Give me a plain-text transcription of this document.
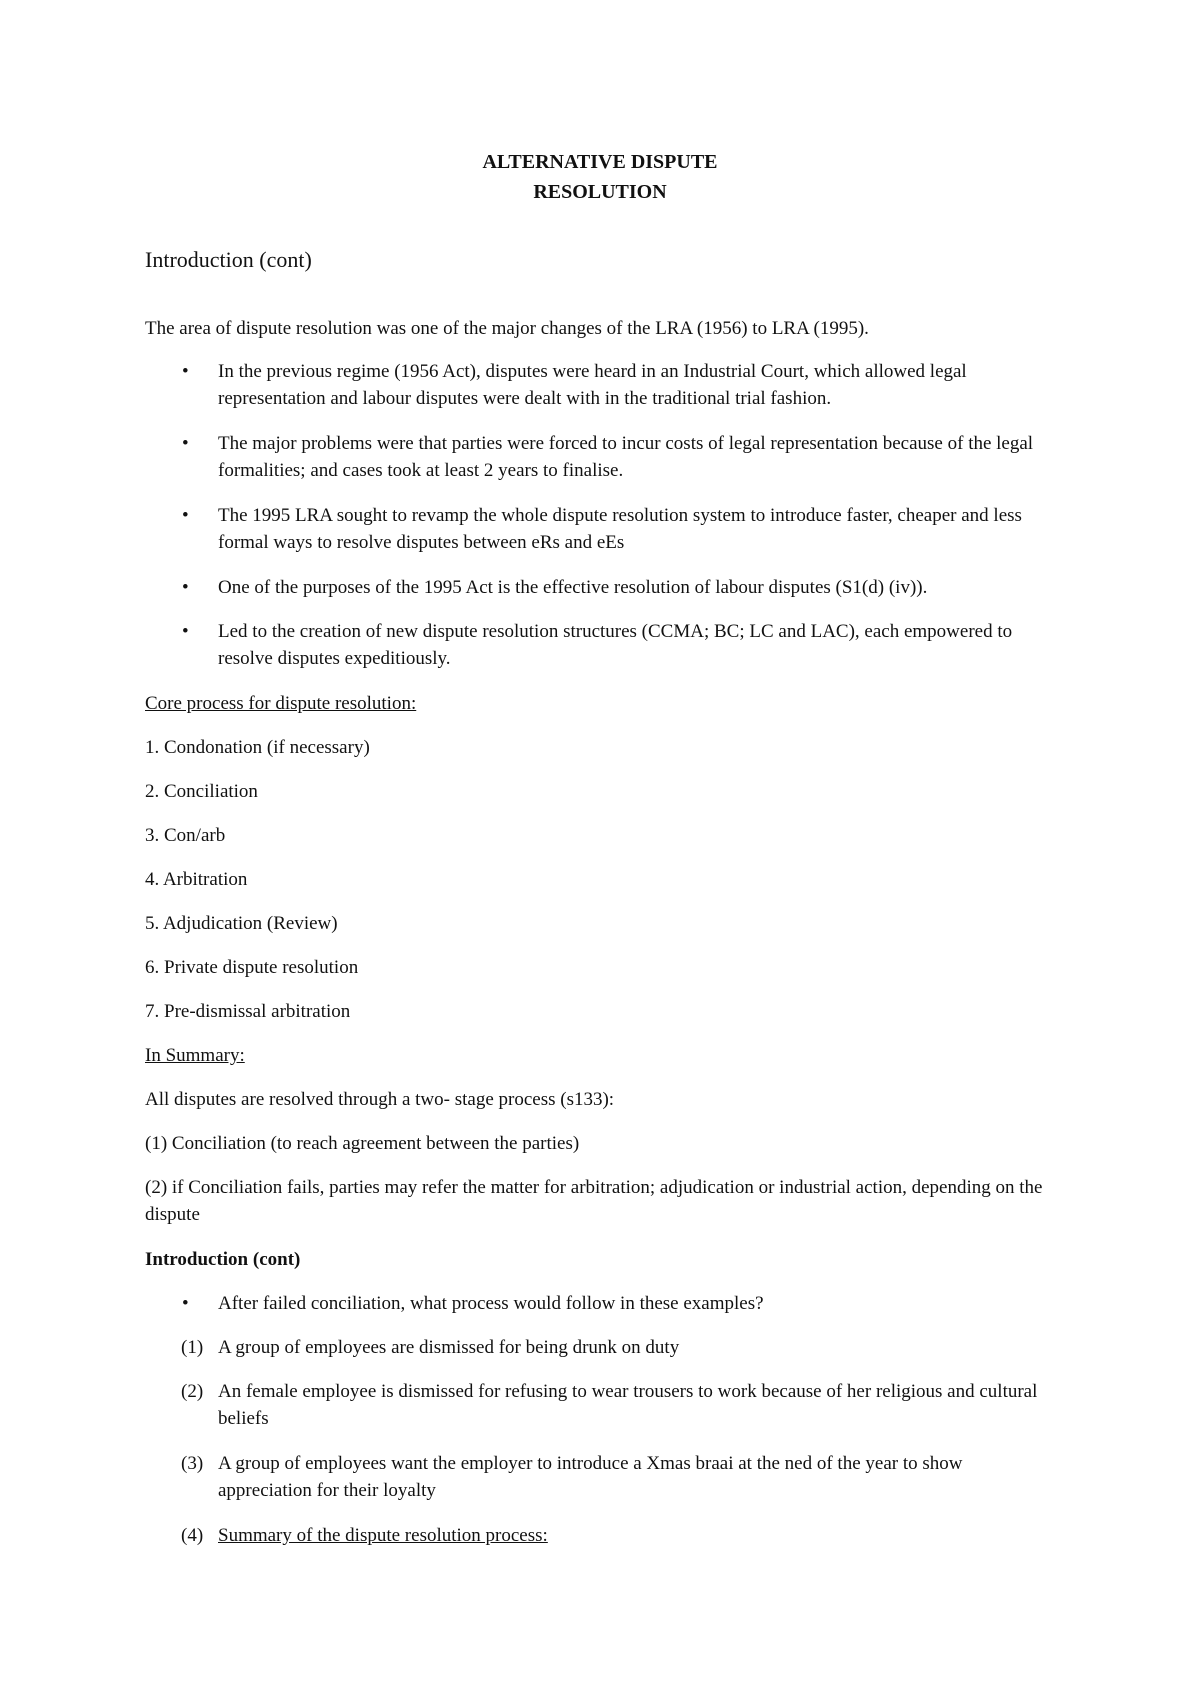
ALTERNATIVE DISPUTE
RESOLUTION
Introduction (cont)
The area of dispute resolution was one of the major changes of the LRA (1956) to LRA (1995).
• In the previous regime (1956 Act), disputes were heard in an Industrial Court, which allowed legal representation and labour disputes were dealt with in the traditional trial fashion.
• The major problems were that parties were forced to incur costs of legal representation because of the legal formalities; and cases took at least 2 years to finalise.
• The 1995 LRA sought to revamp the whole dispute resolution system to introduce faster, cheaper and less formal ways to resolve disputes between eRs and eEs
• One of the purposes of the 1995 Act is the effective resolution of labour disputes (S1(d) (iv)).
• Led to the creation of new dispute resolution structures (CCMA; BC; LC and LAC), each empowered to resolve disputes expeditiously.
Core process for dispute resolution:
1. Condonation (if necessary)
2. Conciliation
3. Con/arb
4. Arbitration
5. Adjudication (Review)
6. Private dispute resolution
7. Pre-dismissal arbitration
In Summary:
All disputes are resolved through a two- stage process (s133):
(1) Conciliation (to reach agreement between the parties)
(2) if Conciliation fails, parties may refer the matter for arbitration; adjudication or industrial action, depending on the dispute
Introduction (cont)
• After failed conciliation, what process would follow in these examples?
(1) A group of employees are dismissed for being drunk on duty
(2) An female employee is dismissed for refusing to wear trousers to work because of her religious and cultural beliefs
(3) A group of employees want the employer to introduce a Xmas braai at the ned of the year to show appreciation for their loyalty
(4) Summary of the dispute resolution process:
